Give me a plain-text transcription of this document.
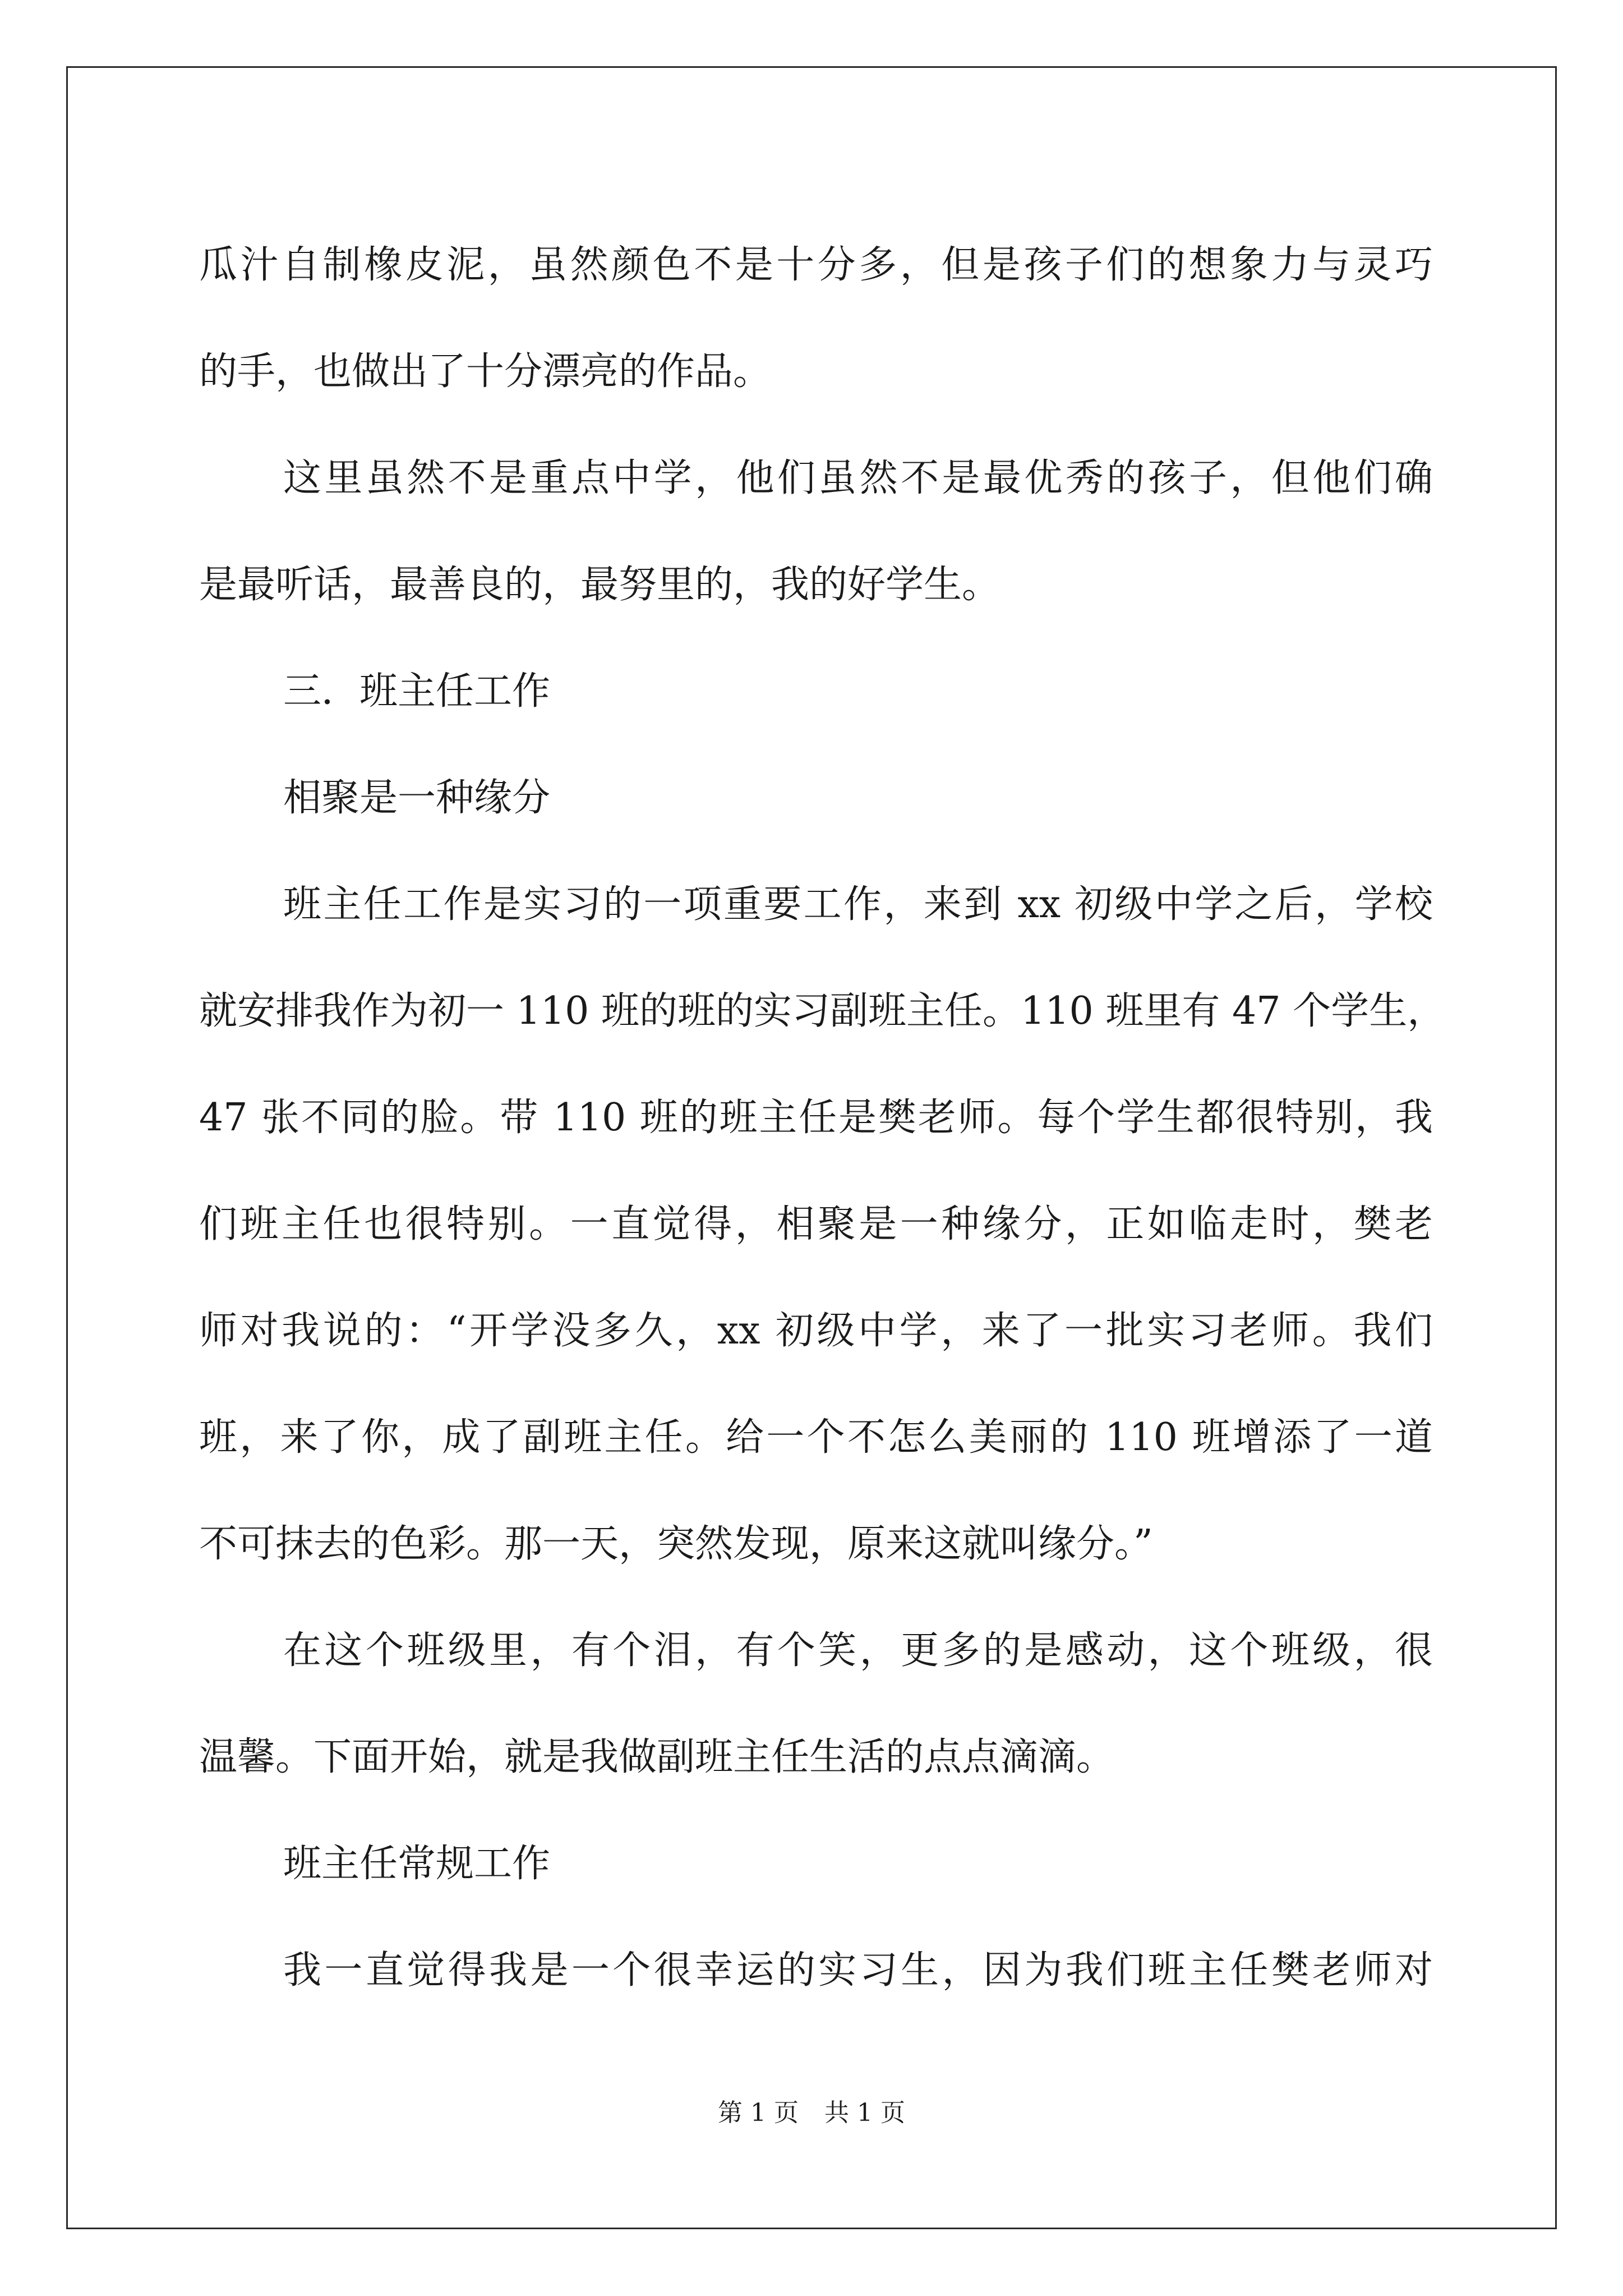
瓜汁自制橡皮泥，虽然颜色不是十分多，但是孩子们的想象力与灵巧
的手，也做出了十分漂亮的作品。
这里虽然不是重点中学，他们虽然不是最优秀的孩子，但他们确
是最听话，最善良的，最努里的，我的好学生。
三．班主任工作
相聚是一种缘分
班主任工作是实习的一项重要工作，来到 xx 初级中学之后，学校
就安排我作为初一 110 班的班的实习副班主任。110 班里有 47 个学生，
47 张不同的脸。带 110 班的班主任是樊老师。每个学生都很特别，我
们班主任也很特别。一直觉得，相聚是一种缘分，正如临走时，樊老
师对我说的：“开学没多久，xx 初级中学，来了一批实习老师。我们
班，来了你，成了副班主任。给一个不怎么美丽的 110 班增添了一道
不可抹去的色彩。那一天，突然发现，原来这就叫缘分。”
在这个班级里，有个泪，有个笑，更多的是感动，这个班级，很
温馨。下面开始，就是我做副班主任生活的点点滴滴。
班主任常规工作
我一直觉得我是一个很幸运的实习生，因为我们班主任樊老师对
第 1 页 共 1 页
